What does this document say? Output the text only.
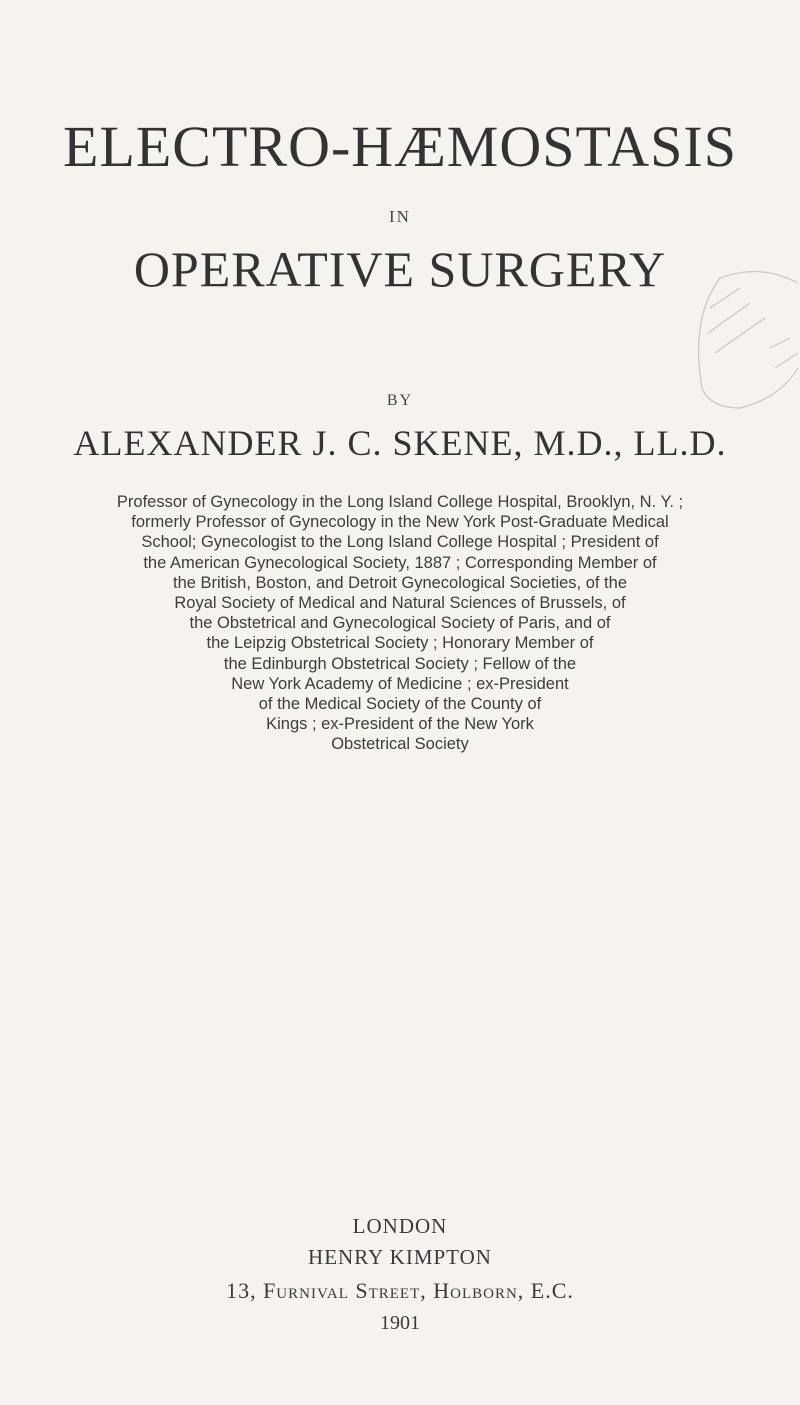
ELECTRO-HÆMOSTASIS
IN
OPERATIVE SURGERY
BY
ALEXANDER J. C. SKENE, M.D., LL.D.
Professor of Gynecology in the Long Island College Hospital, Brooklyn, N. Y. ;
formerly Professor of Gynecology in the New York Post-Graduate Medical
School; Gynecologist to the Long Island College Hospital ; President of
the American Gynecological Society, 1887 ; Corresponding Member of
the British, Boston, and Detroit Gynecological Societies, of the
Royal Society of Medical and Natural Sciences of Brussels, of
the Obstetrical and Gynecological Society of Paris, and of
the Leipzig Obstetrical Society ; Honorary Member of
the Edinburgh Obstetrical Society ; Fellow of the
New York Academy of Medicine ; ex-President
of the Medical Society of the County of
Kings ; ex-President of the New York
Obstetrical Society
LONDON
HENRY KIMPTON
13, Furnival Street, Holborn, E.C.
1901
